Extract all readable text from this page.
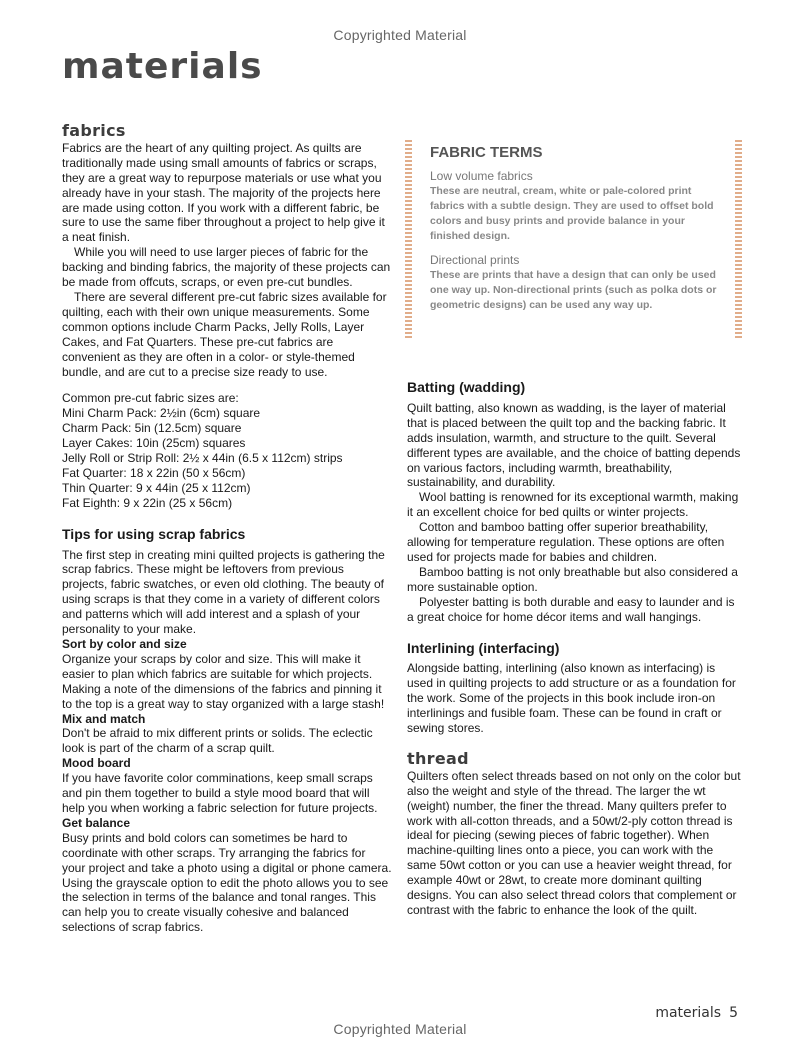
Copyrighted Material
materials
fabrics

Fabrics are the heart of any quilting project. As quilts are traditionally made using small amounts of fabrics or scraps, they are a great way to repurpose materials or use what you already have in your stash. The majority of the projects here are made using cotton. If you work with a different fabric, be sure to use the same fiber throughout a project to help give it a neat finish.

While you will need to use larger pieces of fabric for the backing and binding fabrics, the majority of these projects can be made from offcuts, scraps, or even pre-cut bundles.

There are several different pre-cut fabric sizes available for quilting, each with their own unique measurements. Some common options include Charm Packs, Jelly Rolls, Layer Cakes, and Fat Quarters. These pre-cut fabrics are convenient as they are often in a color- or style-themed bundle, and are cut to a precise size ready to use.

Common pre-cut fabric sizes are:
Mini Charm Pack: 2½in (6cm) square
Charm Pack: 5in (12.5cm) square
Layer Cakes: 10in (25cm) squares
Jelly Roll or Strip Roll: 2½ x 44in (6.5 x 112cm) strips
Fat Quarter: 18 x 22in (50 x 56cm)
Thin Quarter: 9 x 44in (25 x 112cm)
Fat Eighth: 9 x 22in (25 x 56cm)
Tips for using scrap fabrics

The first step in creating mini quilted projects is gathering the scrap fabrics. These might be leftovers from previous projects, fabric swatches, or even old clothing. The beauty of using scraps is that they come in a variety of different colors and patterns which will add interest and a splash of your personality to your make.

Sort by color and size

Organize your scraps by color and size. This will make it easier to plan which fabrics are suitable for which projects. Making a note of the dimensions of the fabrics and pinning it to the top is a great way to stay organized with a large stash!

Mix and match

Don't be afraid to mix different prints or solids. The eclectic look is part of the charm of a scrap quilt.

Mood board

If you have favorite color comminations, keep small scraps and pin them together to build a style mood board that will help you when working a fabric selection for future projects.

Get balance

Busy prints and bold colors can sometimes be hard to coordinate with other scraps. Try arranging the fabrics for your project and take a photo using a digital or phone camera. Using the grayscale option to edit the photo allows you to see the selection in terms of the balance and tonal ranges. This can help you to create visually cohesive and balanced selections of scrap fabrics.

FABRIC TERMS
Low volume fabrics
These are neutral, cream, white or pale-colored print fabrics with a subtle design. They are used to offset bold colors and busy prints and provide balance in your finished design.
Directional prints
These are prints that have a design that can only be used one way up. Non-directional prints (such as polka dots or geometric designs) can be used any way up.
Batting (wadding)

Quilt batting, also known as wadding, is the layer of material that is placed between the quilt top and the backing fabric. It adds insulation, warmth, and structure to the quilt. Several different types are available, and the choice of batting depends on various factors, including warmth, breathability, sustainability, and durability.

Wool batting is renowned for its exceptional warmth, making it an excellent choice for bed quilts or winter projects.

Cotton and bamboo batting offer superior breathability, allowing for temperature regulation. These options are often used for projects made for babies and children.

Bamboo batting is not only breathable but also considered a more sustainable option.

Polyester batting is both durable and easy to launder and is a great choice for home décor items and wall hangings.

Interlining (interfacing)

Alongside batting, interlining (also known as interfacing) is used in quilting projects to add structure or as a foundation for the work. Some of the projects in this book include iron-on interlinings and fusible foam. These can be found in craft or sewing stores.

thread

Quilters often select threads based on not only on the color but also the weight and style of the thread. The larger the wt (weight) number, the finer the thread. Many quilters prefer to work with all-cotton threads, and a 50wt/2-ply cotton thread is ideal for piecing (sewing pieces of fabric together). When machine-quilting lines onto a piece, you can work with the same 50wt cotton or you can use a heavier weight thread, for example 40wt or 28wt, to create more dominant quilting designs. You can also select thread colors that complement or contrast with the fabric to enhance the look of the quilt.

materials 5
Copyrighted Material
